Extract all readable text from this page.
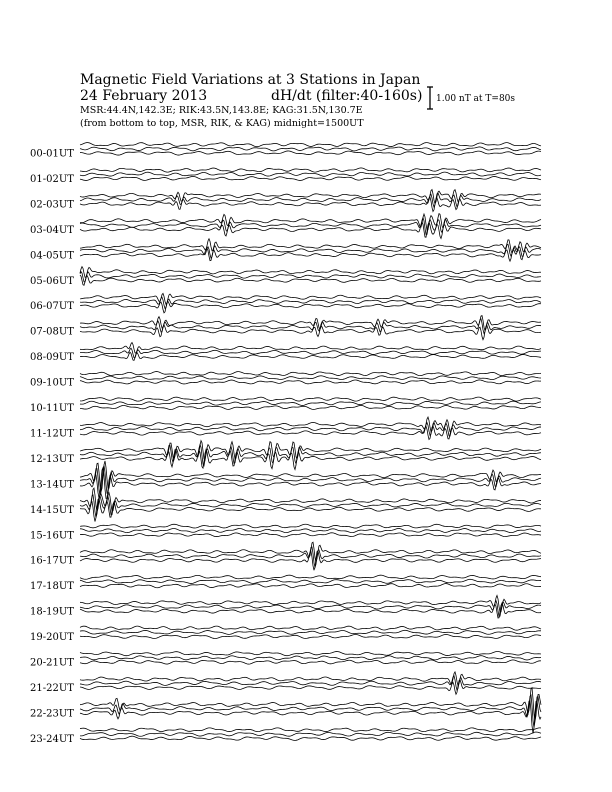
Magnetic Field Variations at 3 Stations in Japan
24 February 2013	dH/dt (filter:40-160s)
MSR:44.4N,142.3E; RIK:43.5N,143.8E; KAG:31.5N,130.7E
(from bottom to top, MSR, RIK, & KAG) midnight=1500UT
1.00 nT at T=80s
00-01UT
01-02UT
02-03UT
03-04UT
04-05UT
05-06UT
06-07UT
07-08UT
08-09UT
09-10UT
10-11UT
11-12UT
12-13UT
13-14UT
14-15UT
15-16UT
16-17UT
17-18UT
18-19UT
19-20UT
20-21UT
21-22UT
22-23UT
23-24UT
